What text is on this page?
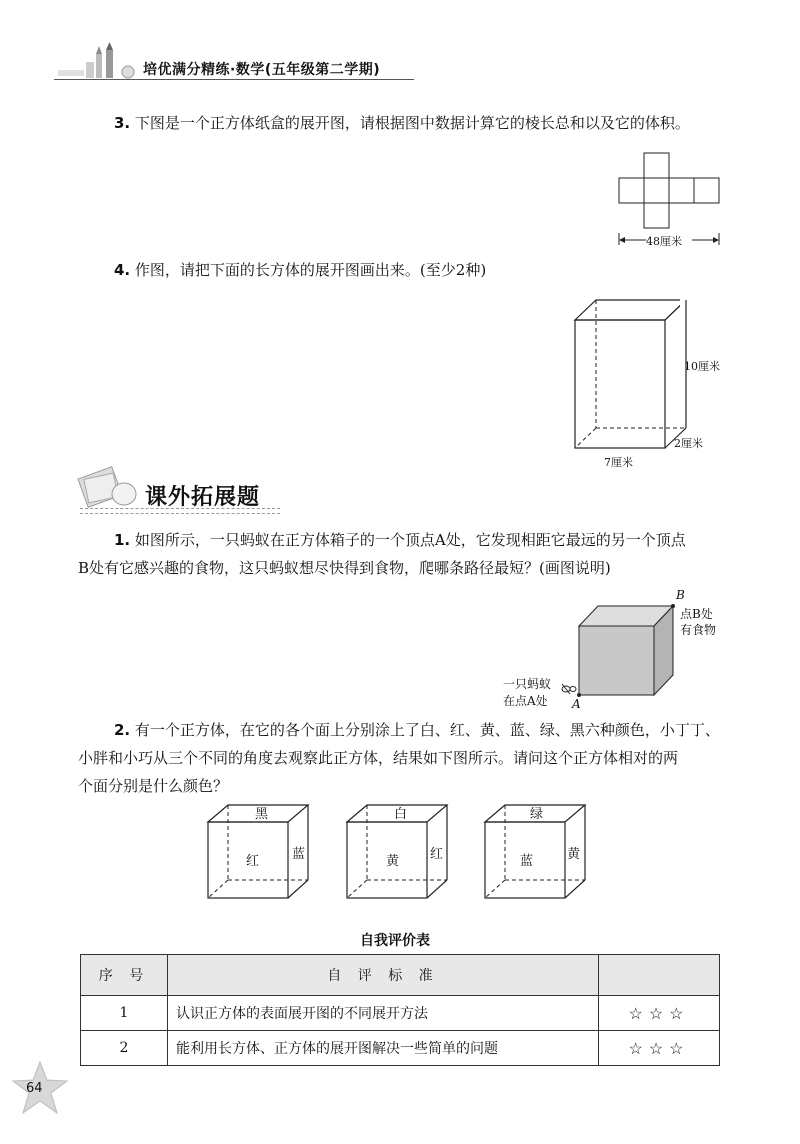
培优满分精练·数学(五年级第二学期)
3. 下图是一个正方体纸盒的展开图，请根据图中数据计算它的棱长总和以及它的体积。
48厘米
4. 作图，请把下面的长方体的展开图画出来。(至少2种)
10厘米
2厘米
7厘米
课外拓展题
1. 如图所示，一只蚂蚁在正方体箱子的一个顶点A处，它发现相距它最远的另一个顶点
B处有它感兴趣的食物，这只蚂蚁想尽快得到食物，爬哪条路径最短？(画图说明)
B
点B处
有食物
一只蚂蚁
在点A处 A
2. 有一个正方体，在它的各个面上分别涂上了白、红、黄、蓝、绿、黑六种颜色，小丁丁、
小胖和小巧从三个不同的角度去观察此正方体，结果如下图所示。请问这个正方体相对的两
个面分别是什么颜色？
黑
红	蓝
白
黄 红
绿
蓝	黄
自我评价表
序 号	自 评 标 准	
1	认识正方体的表面展开图的不同展开方法	☆☆☆
2	能利用长方体、正方体的展开图解决一些简单的问题	☆☆☆
64
